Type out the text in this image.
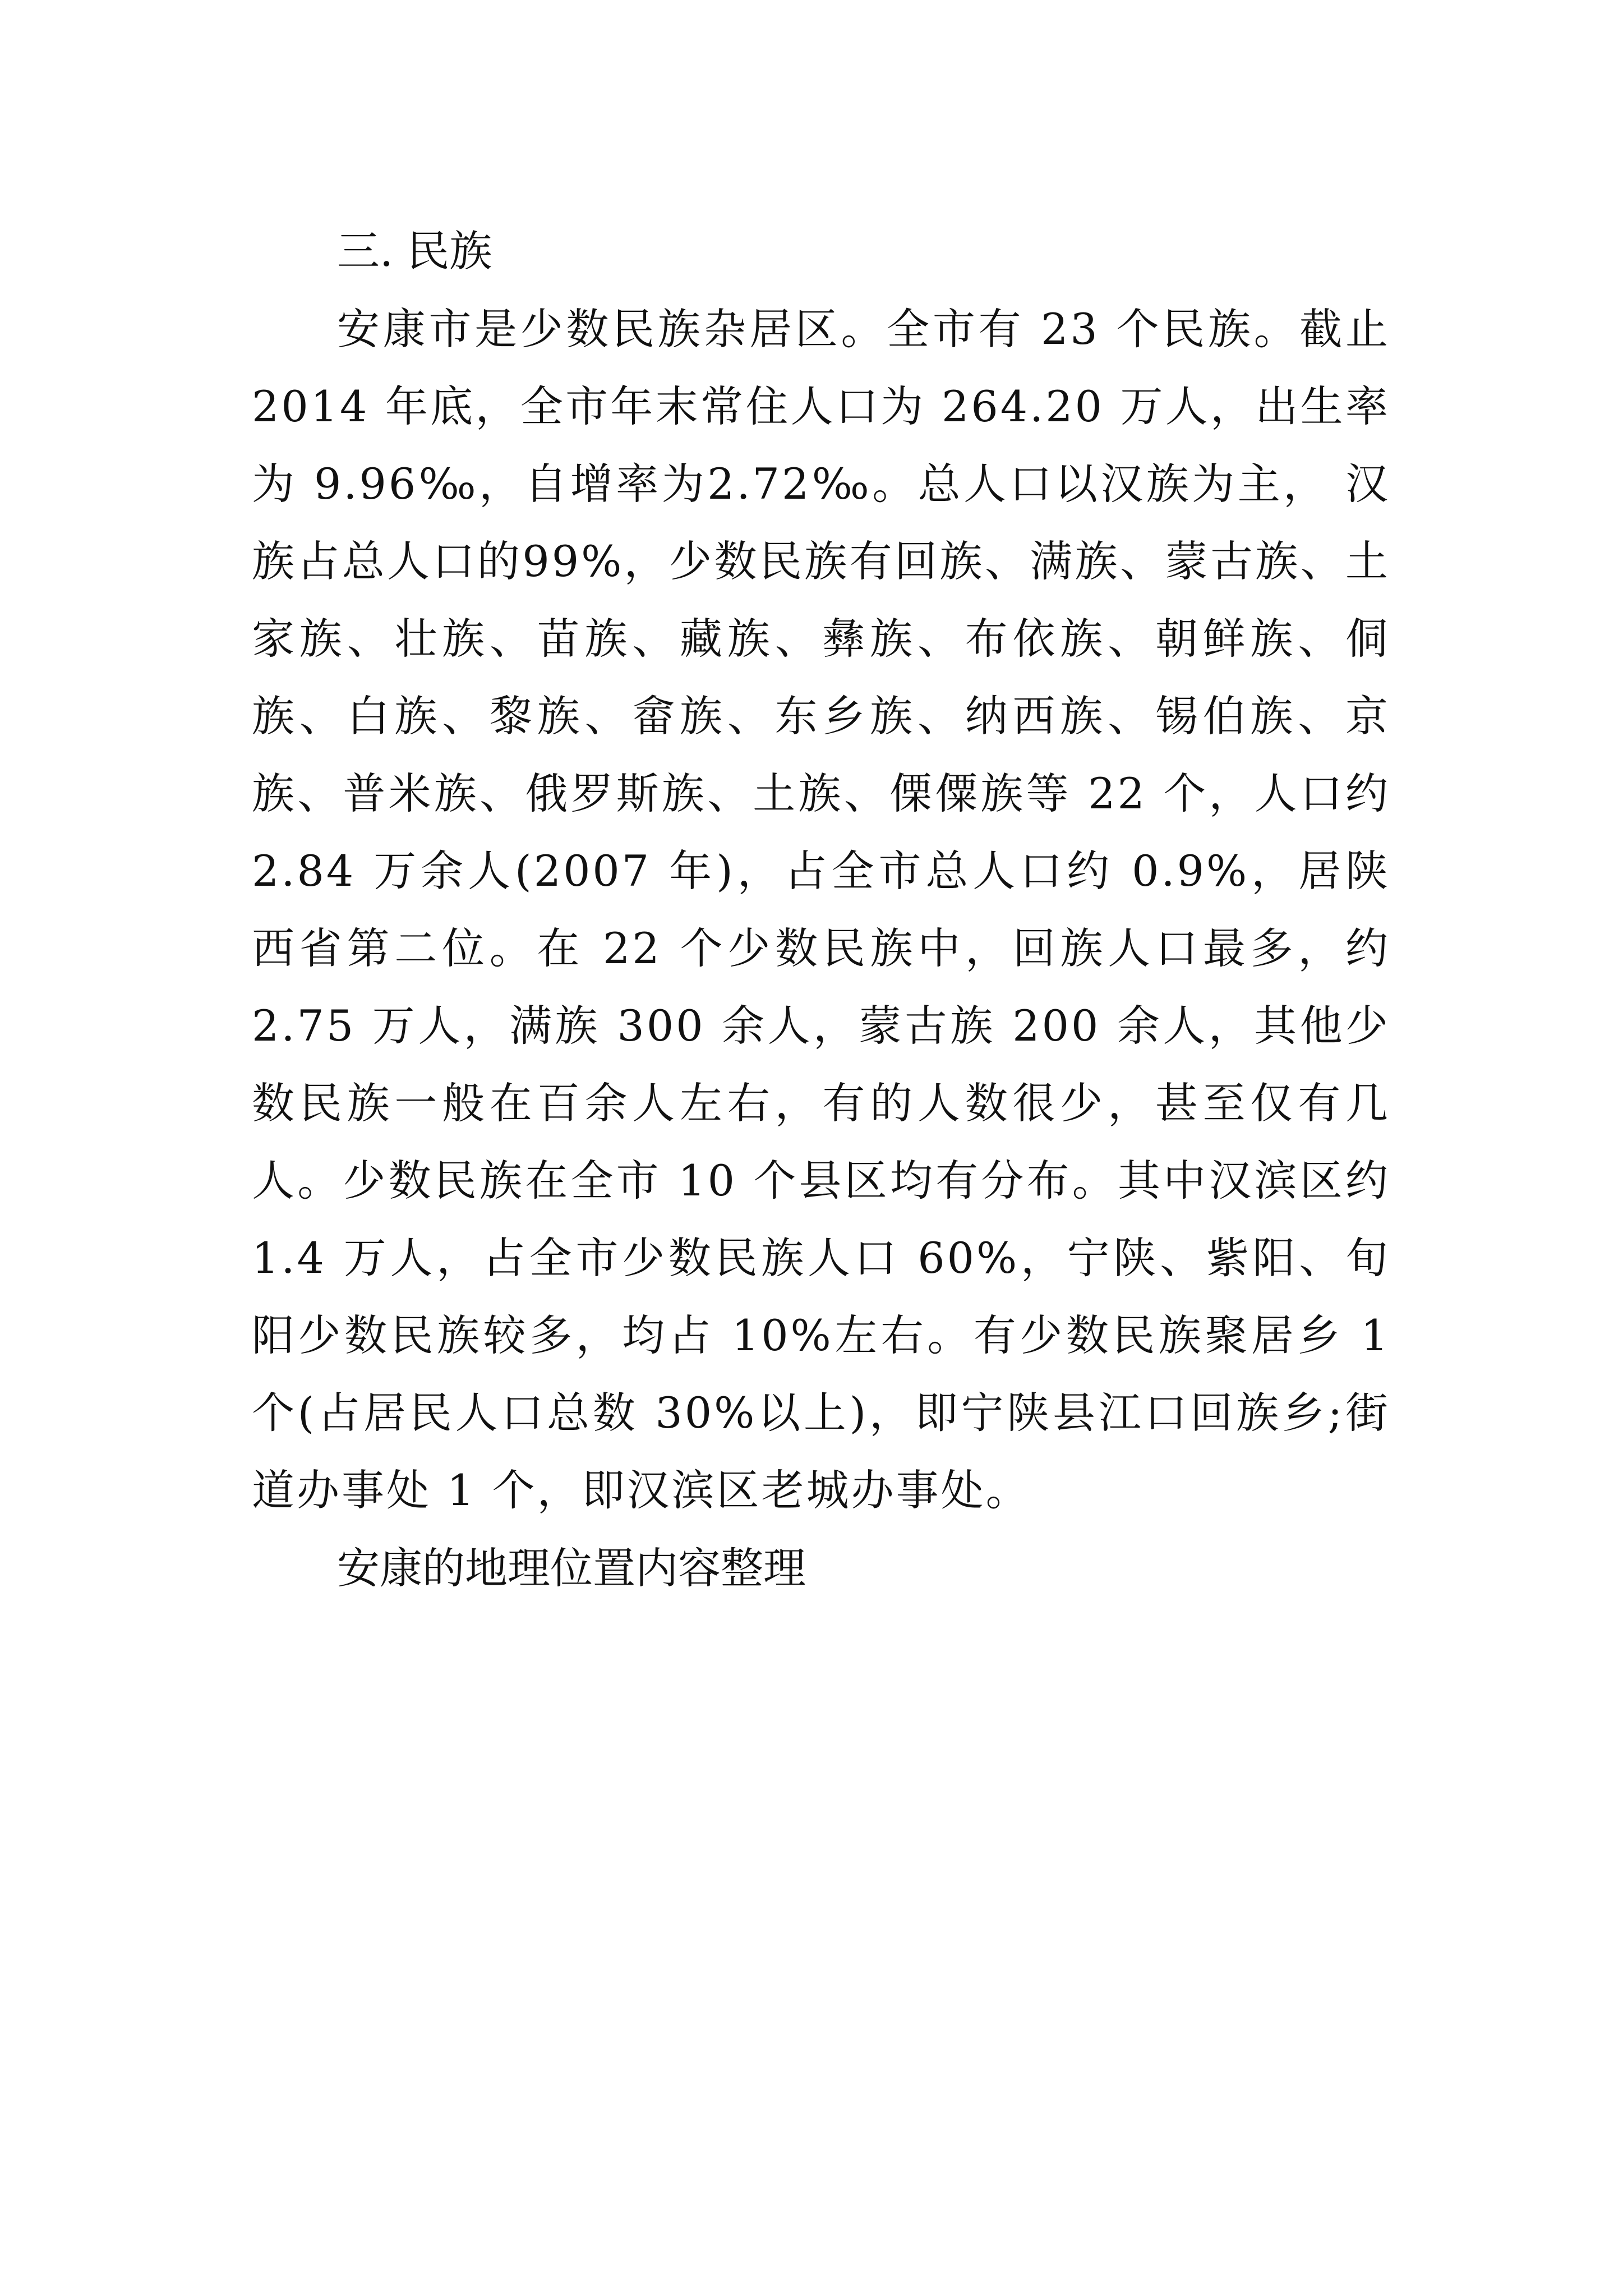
三. 民族

安康市是少数民族杂居区。全市有 23 个民族。截止 2014 年底，全市年末常住人口为 264.20 万人，出生率为 9.96‰，自增率为2.72‰。总人口以汉族为主， 汉族占总人口的99%，少数民族有回族、满族、蒙古族、土家族、壮族、苗族、藏族、彝族、布依族、朝鲜族、侗族、白族、黎族、畲族、东乡族、纳西族、锡伯族、京族、普米族、俄罗斯族、土族、傈僳族等 22 个，人口约 2.84 万余人(2007 年)，占全市总人口约 0.9%，居陕西省第二位。在 22 个少数民族中，回族人口最多，约 2.75 万人，满族 300 余人，蒙古族 200 余人，其他少数民族一般在百余人左右，有的人数很少，甚至仅有几人。少数民族在全市 10 个县区均有分布。其中汉滨区约 1.4 万人，占全市少数民族人口 60%，宁陕、紫阳、旬阳少数民族较多，均占 10%左右。有少数民族聚居乡 1 个(占居民人口总数 30%以上)，即宁陕县江口回族乡;街道办事处 1 个，即汉滨区老城办事处。

安康的地理位置内容整理
